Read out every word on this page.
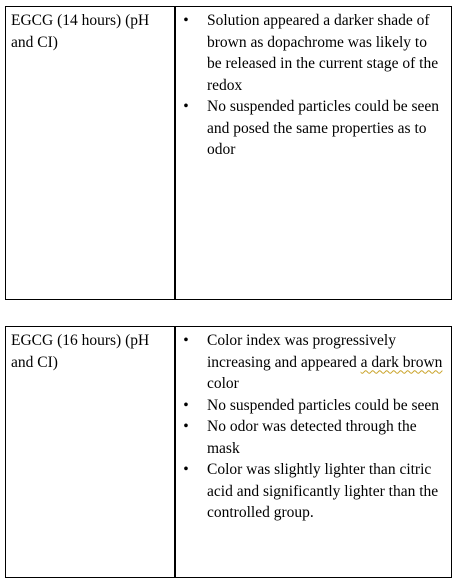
EGCG (14 hours) (pH and CI)
• Solution appeared a darker shade of brown as dopachrome was likely to be released in the current stage of the redox
• No suspended particles could be seen and posed the same properties as to odor
EGCG (16 hours) (pH and CI)
• Color index was progressively increasing and appeared a dark brown color
• No suspended particles could be seen
• No odor was detected through the mask
• Color was slightly lighter than citric acid and significantly lighter than the controlled group.
